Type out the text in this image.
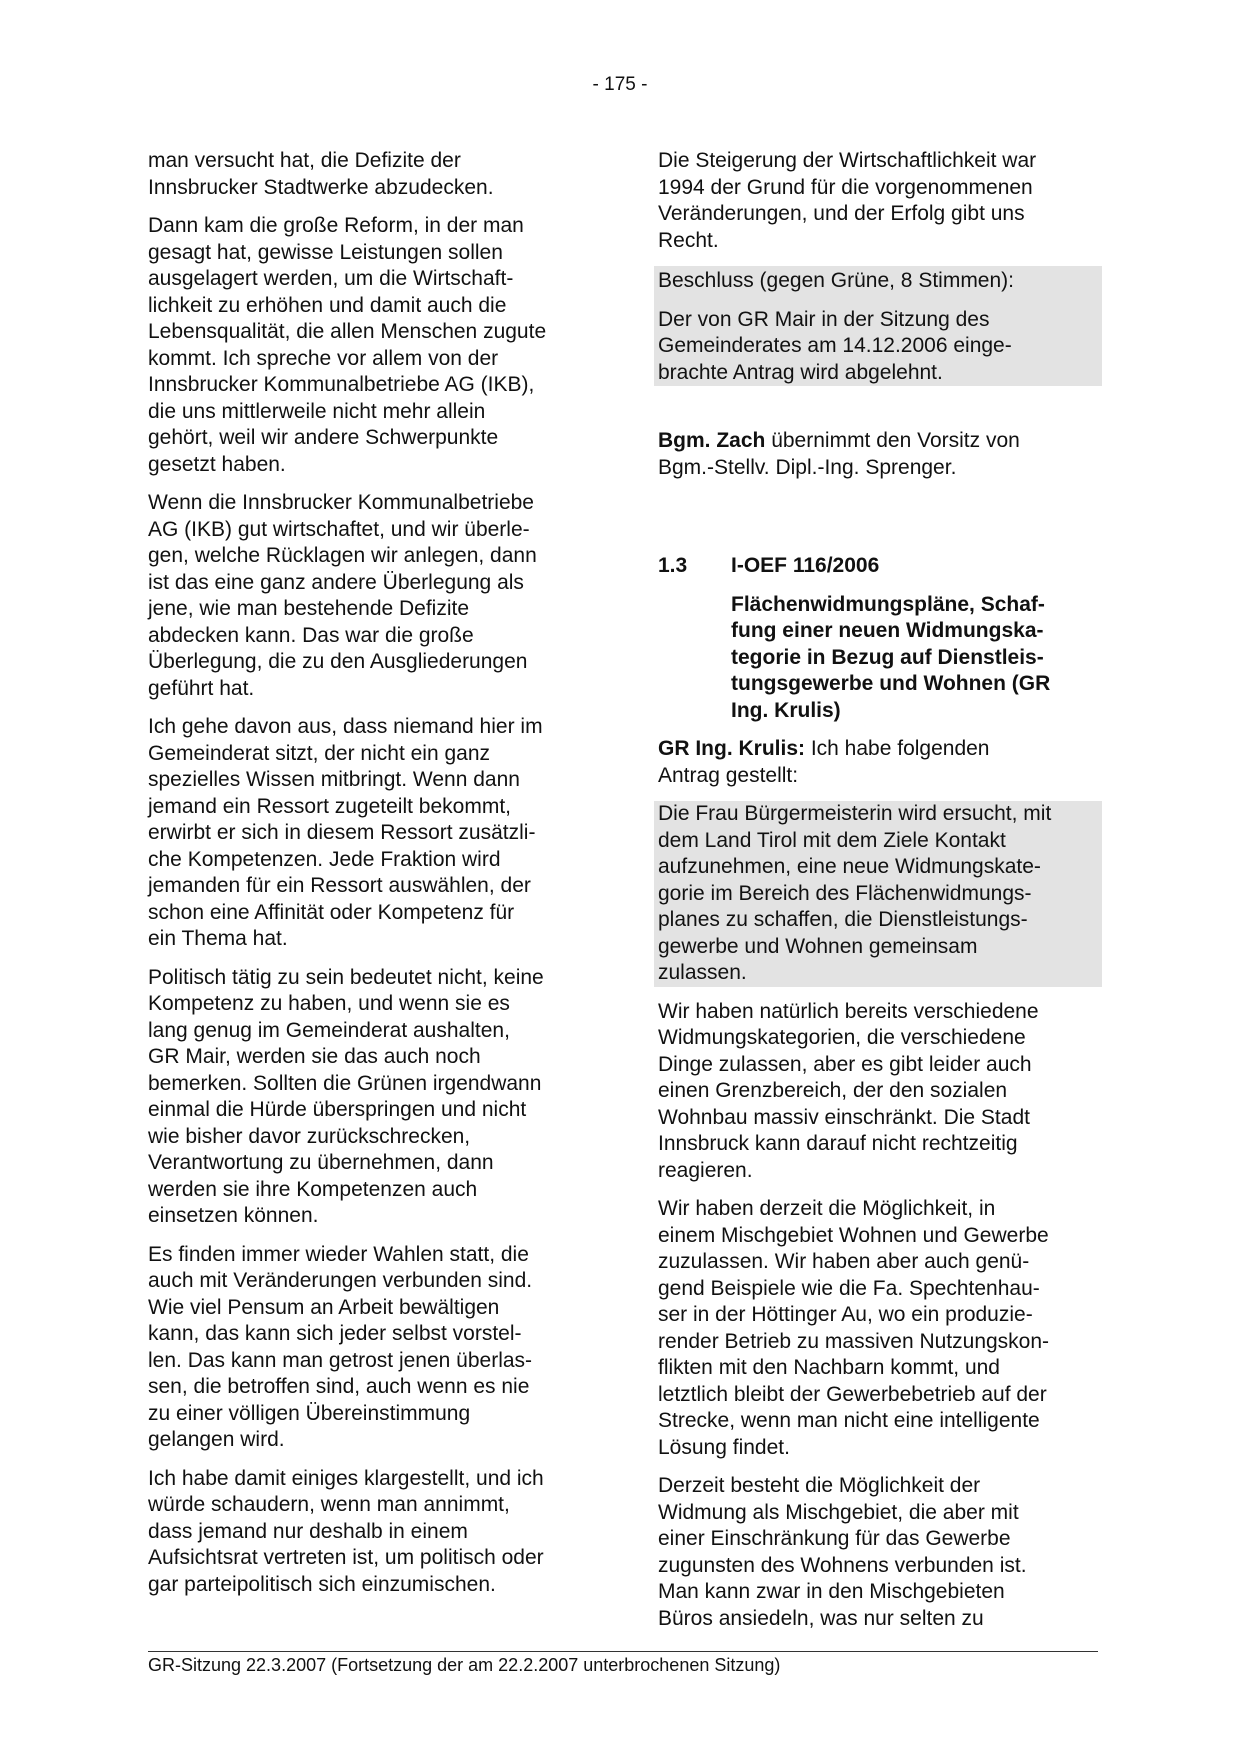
- 175 -
man versucht hat, die Defizite der
Innsbrucker Stadtwerke abzudecken.
Dann kam die große Reform, in der man
gesagt hat, gewisse Leistungen sollen
ausgelagert werden, um die Wirtschaft-
lichkeit zu erhöhen und damit auch die
Lebensqualität, die allen Menschen zugute
kommt. Ich spreche vor allem von der
Innsbrucker Kommunalbetriebe AG (IKB),
die uns mittlerweile nicht mehr allein
gehört, weil wir andere Schwerpunkte
gesetzt haben.
Wenn die Innsbrucker Kommunalbetriebe
AG (IKB) gut wirtschaftet, und wir überle-
gen, welche Rücklagen wir anlegen, dann
ist das eine ganz andere Überlegung als
jene, wie man bestehende Defizite
abdecken kann. Das war die große
Überlegung, die zu den Ausgliederungen
geführt hat.
Ich gehe davon aus, dass niemand hier im
Gemeinderat sitzt, der nicht ein ganz
spezielles Wissen mitbringt. Wenn dann
jemand ein Ressort zugeteilt bekommt,
erwirbt er sich in diesem Ressort zusätzli-
che Kompetenzen. Jede Fraktion wird
jemanden für ein Ressort auswählen, der
schon eine Affinität oder Kompetenz für
ein Thema hat.
Politisch tätig zu sein bedeutet nicht, keine
Kompetenz zu haben, und wenn sie es
lang genug im Gemeinderat aushalten,
GR Mair, werden sie das auch noch
bemerken. Sollten die Grünen irgendwann
einmal die Hürde überspringen und nicht
wie bisher davor zurückschrecken,
Verantwortung zu übernehmen, dann
werden sie ihre Kompetenzen auch
einsetzen können.
Es finden immer wieder Wahlen statt, die
auch mit Veränderungen verbunden sind.
Wie viel Pensum an Arbeit bewältigen
kann, das kann sich jeder selbst vorstel-
len. Das kann man getrost jenen überlas-
sen, die betroffen sind, auch wenn es nie
zu einer völligen Übereinstimmung
gelangen wird.
Ich habe damit einiges klargestellt, und ich
würde schaudern, wenn man annimmt,
dass jemand nur deshalb in einem
Aufsichtsrat vertreten ist, um politisch oder
gar parteipolitisch sich einzumischen.
Die Steigerung der Wirtschaftlichkeit war
1994 der Grund für die vorgenommenen
Veränderungen, und der Erfolg gibt uns
Recht.
Beschluss (gegen Grüne, 8 Stimmen):
Der von GR Mair in der Sitzung des
Gemeinderates am 14.12.2006 einge-
brachte Antrag wird abgelehnt.
Bgm. Zach übernimmt den Vorsitz von
Bgm.-Stellv. Dipl.-Ing. Sprenger.
1.3	I-OEF 116/2006
Flächenwidmungspläne, Schaf-
fung einer neuen Widmungska-
tegorie in Bezug auf Dienstleis-
tungsgewerbe und Wohnen (GR
Ing. Krulis)
GR Ing. Krulis: Ich habe folgenden
Antrag gestellt:
Die Frau Bürgermeisterin wird ersucht, mit
dem Land Tirol mit dem Ziele Kontakt
aufzunehmen, eine neue Widmungskate-
gorie im Bereich des Flächenwidmungs-
planes zu schaffen, die Dienstleistungs-
gewerbe und Wohnen gemeinsam
zulassen.
Wir haben natürlich bereits verschiedene
Widmungskategorien, die verschiedene
Dinge zulassen, aber es gibt leider auch
einen Grenzbereich, der den sozialen
Wohnbau massiv einschränkt. Die Stadt
Innsbruck kann darauf nicht rechtzeitig
reagieren.
Wir haben derzeit die Möglichkeit, in
einem Mischgebiet Wohnen und Gewerbe
zuzulassen. Wir haben aber auch genü-
gend Beispiele wie die Fa. Spechtenhau-
ser in der Höttinger Au, wo ein produzie-
render Betrieb zu massiven Nutzungskon-
flikten mit den Nachbarn kommt, und
letztlich bleibt der Gewerbebetrieb auf der
Strecke, wenn man nicht eine intelligente
Lösung findet.
Derzeit besteht die Möglichkeit der
Widmung als Mischgebiet, die aber mit
einer Einschränkung für das Gewerbe
zugunsten des Wohnens verbunden ist.
Man kann zwar in den Mischgebieten
Büros ansiedeln, was nur selten zu
GR-Sitzung 22.3.2007 (Fortsetzung der am 22.2.2007 unterbrochenen Sitzung)
